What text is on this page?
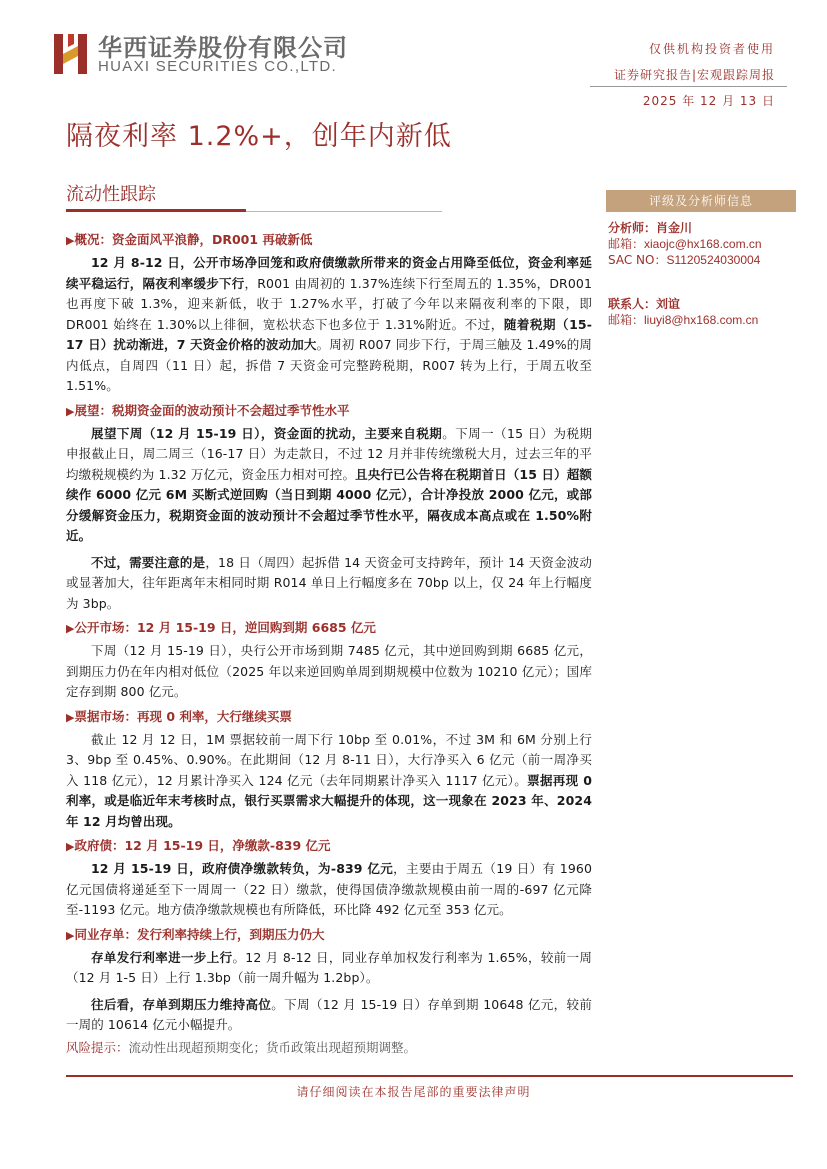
华西证券股份有限公司
HUAXI SECURITIES CO.,LTD.
仅供机构投资者使用
证券研究报告|宏观跟踪周报
2025 年 12 月 13 日
隔夜利率 1.2%+，创年内新低
流动性跟踪	评级及分析师信息
分析师：肖金川
邮箱：xiaojc@hx168.com.cn
SAC NO：S1120524030004
联系人：刘谊
邮箱：liuyi8@hx168.com.cn
▶概况：资金面风平浪静，DR001 再破新低

12 月 8-12 日，公开市场净回笼和政府债缴款所带来的资金占用降至低位，资金利率延续平稳运行，隔夜利率缓步下行，R001 由周初的 1.37%连续下行至周五的 1.35%，DR001 也再度下破 1.3%，迎来新低，收于 1.27%水平，打破了今年以来隔夜利率的下限，即 DR001 始终在 1.30%以上徘徊，宽松状态下也多位于 1.31%附近。不过，随着税期（15-17 日）扰动渐进，7 天资金价格的波动加大。周初 R007 同步下行，于周三触及 1.49%的周内低点，自周四（11 日）起，拆借 7 天资金可完整跨税期，R007 转为上行，于周五收至 1.51%。

▶展望：税期资金面的波动预计不会超过季节性水平

展望下周（12 月 15-19 日），资金面的扰动，主要来自税期。下周一（15 日）为税期申报截止日，周二周三（16-17 日）为走款日，不过 12 月并非传统缴税大月，过去三年的平均缴税规模约为 1.32 万亿元，资金压力相对可控。且央行已公告将在税期首日（15 日）超额续作 6000 亿元 6M 买断式逆回购（当日到期 4000 亿元），合计净投放 2000 亿元，或部分缓解资金压力，税期资金面的波动预计不会超过季节性水平，隔夜成本高点或在 1.50%附近。

不过，需要注意的是，18 日（周四）起拆借 14 天资金可支持跨年，预计 14 天资金波动或显著加大，往年距离年末相同时期 R014 单日上行幅度多在 70bp 以上，仅 24 年上行幅度为 3bp。

▶公开市场：12 月 15-19 日，逆回购到期 6685 亿元

下周（12 月 15-19 日），央行公开市场到期 7485 亿元，其中逆回购到期 6685 亿元，到期压力仍在年内相对低位（2025 年以来逆回购单周到期规模中位数为 10210 亿元）；国库定存到期 800 亿元。

▶票据市场：再现 0 利率，大行继续买票

截止 12 月 12 日，1M 票据较前一周下行 10bp 至 0.01%，不过 3M 和 6M 分别上行 3、9bp 至 0.45%、0.90%。在此期间（12 月 8-11 日），大行净买入 6 亿元（前一周净买入 118 亿元），12 月累计净买入 124 亿元（去年同期累计净买入 1117 亿元）。票据再现 0 利率，或是临近年末考核时点，银行买票需求大幅提升的体现，这一现象在 2023 年、2024 年 12 月均曾出现。

▶政府债：12 月 15-19 日，净缴款-839 亿元

12 月 15-19 日，政府债净缴款转负，为-839 亿元，主要由于周五（19 日）有 1960 亿元国债将递延至下一周周一（22 日）缴款，使得国债净缴款规模由前一周的-697 亿元降至-1193 亿元。地方债净缴款规模也有所降低，环比降 492 亿元至 353 亿元。

▶同业存单：发行利率持续上行，到期压力仍大

存单发行利率进一步上行。12 月 8-12 日，同业存单加权发行利率为 1.65%，较前一周（12 月 1-5 日）上行 1.3bp（前一周升幅为 1.2bp）。

往后看，存单到期压力维持高位。下周（12 月 15-19 日）存单到期 10648 亿元，较前一周的 10614 亿元小幅提升。

风险提示：流动性出现超预期变化；货币政策出现超预期调整。
请仔细阅读在本报告尾部的重要法律声明
